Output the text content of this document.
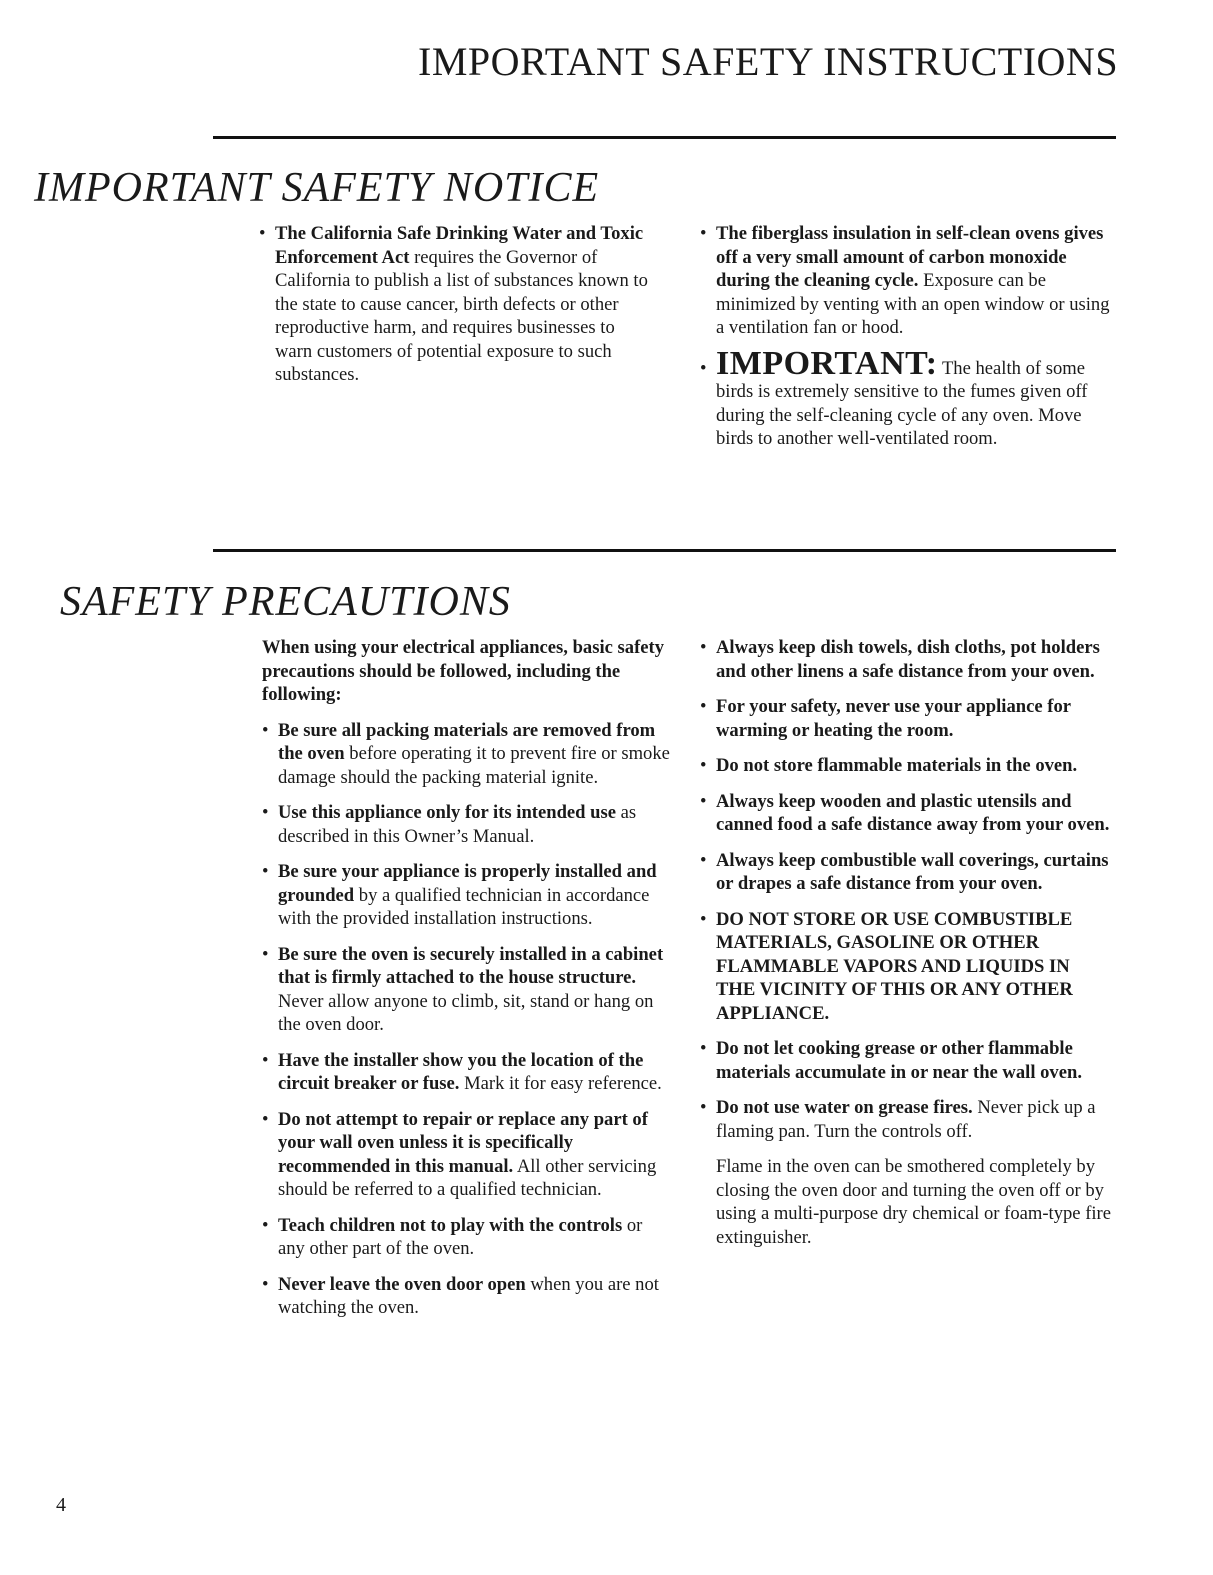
IMPORTANT SAFETY INSTRUCTIONS
IMPORTANT SAFETY NOTICE

• The California Safe Drinking Water and Toxic Enforcement Act requires the Governor of California to publish a list of substances known to the state to cause cancer, birth defects or other reproductive harm, and requires businesses to warn customers of potential exposure to such substances.

• The fiberglass insulation in self-clean ovens gives off a very small amount of carbon monoxide during the cleaning cycle. Exposure can be minimized by venting with an open window or using a ventilation fan or hood.

• IMPORTANT: The health of some birds is extremely sensitive to the fumes given off during the self-cleaning cycle of any oven. Move birds to another well-ventilated room.

SAFETY PRECAUTIONS

When using your electrical appliances, basic safety precautions should be followed, including the following:

• Be sure all packing materials are removed from the oven before operating it to prevent fire or smoke damage should the packing material ignite.

• Use this appliance only for its intended use as described in this Owner’s Manual.

• Be sure your appliance is properly installed and grounded by a qualified technician in accordance with the provided installation instructions.

• Be sure the oven is securely installed in a cabinet that is firmly attached to the house structure. Never allow anyone to climb, sit, stand or hang on the oven door.

• Have the installer show you the location of the circuit breaker or fuse. Mark it for easy reference.

• Do not attempt to repair or replace any part of your wall oven unless it is specifically recommended in this manual. All other servicing should be referred to a qualified technician.

• Teach children not to play with the controls or any other part of the oven.

• Never leave the oven door open when you are not watching the oven.

• Always keep dish towels, dish cloths, pot holders and other linens a safe distance from your oven.

• For your safety, never use your appliance for warming or heating the room.

• Do not store flammable materials in the oven.

• Always keep wooden and plastic utensils and canned food a safe distance away from your oven.

• Always keep combustible wall coverings, curtains or drapes a safe distance from your oven.

• DO NOT STORE OR USE COMBUSTIBLE MATERIALS, GASOLINE OR OTHER FLAMMABLE VAPORS AND LIQUIDS IN THE VICINITY OF THIS OR ANY OTHER APPLIANCE.

• Do not let cooking grease or other flammable materials accumulate in or near the wall oven.

• Do not use water on grease fires. Never pick up a flaming pan. Turn the controls off.

Flame in the oven can be smothered completely by closing the oven door and turning the oven off or by using a multi-purpose dry chemical or foam-type fire extinguisher.

4
